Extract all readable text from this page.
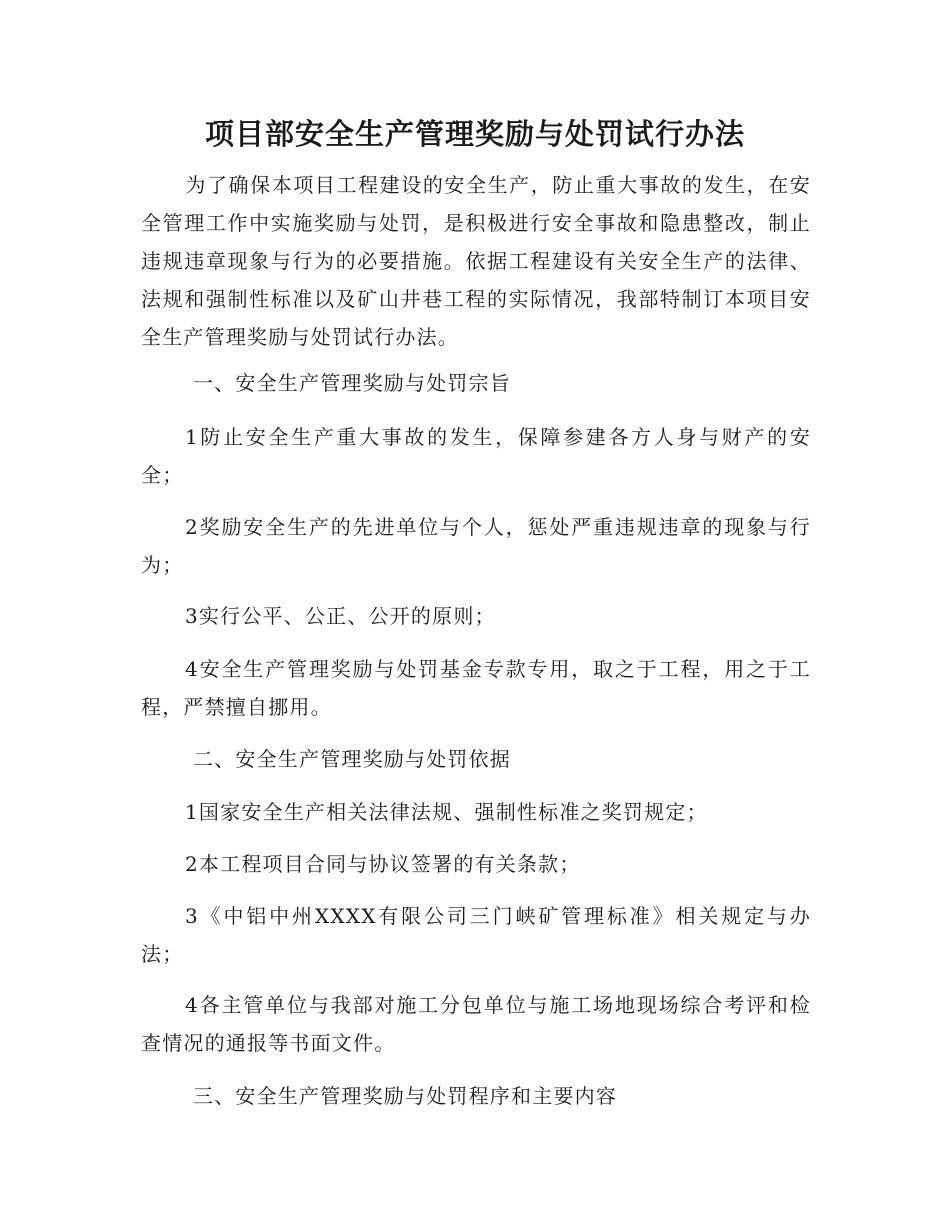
项目部安全生产管理奖励与处罚试行办法

为了确保本项目工程建设的安全生产，防止重大事故的发生，在安全管理工作中实施奖励与处罚，是积极进行安全事故和隐患整改，制止违规违章现象与行为的必要措施。依据工程建设有关安全生产的法律、法规和强制性标准以及矿山井巷工程的实际情况，我部特制订本项目安全生产管理奖励与处罚试行办法。

一、安全生产管理奖励与处罚宗旨

1防止安全生产重大事故的发生，保障参建各方人身与财产的安全；

2奖励安全生产的先进单位与个人，惩处严重违规违章的现象与行为；

3实行公平、公正、公开的原则；

4安全生产管理奖励与处罚基金专款专用，取之于工程，用之于工程，严禁擅自挪用。

二、安全生产管理奖励与处罚依据

1国家安全生产相关法律法规、强制性标准之奖罚规定；

2本工程项目合同与协议签署的有关条款；

3《中铝中州XXXX有限公司三门峡矿管理标准》相关规定与办法；

4各主管单位与我部对施工分包单位与施工场地现场综合考评和检查情况的通报等书面文件。

三、安全生产管理奖励与处罚程序和主要内容
